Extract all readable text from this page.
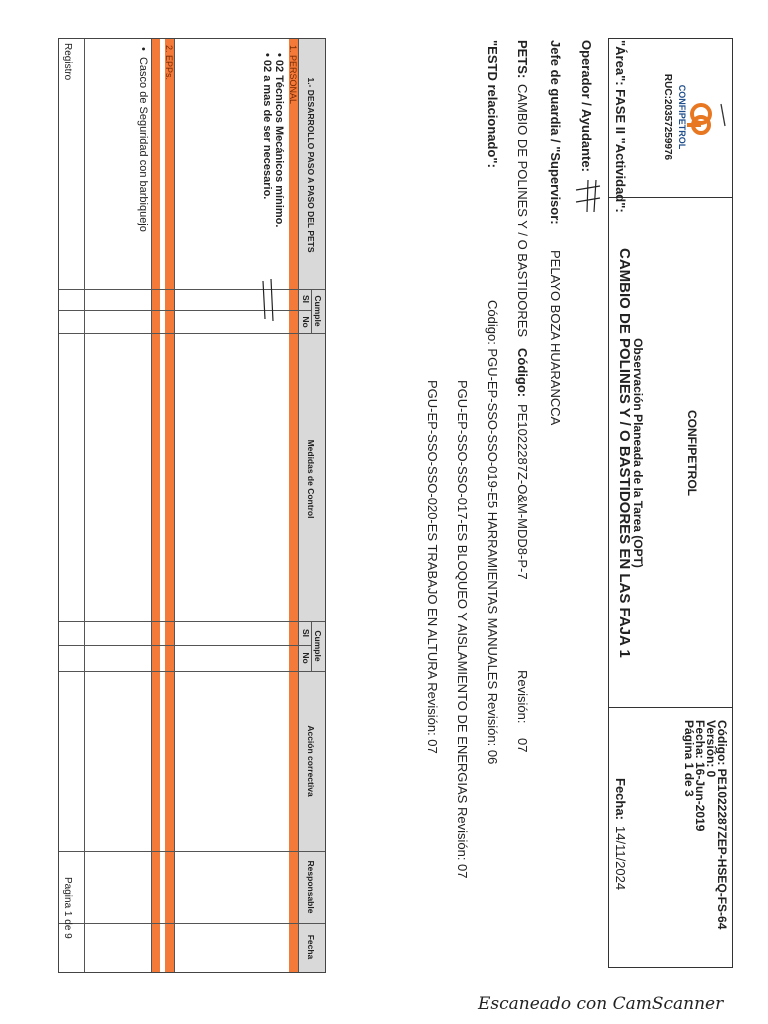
CONFIPETROL
RUC:20357259976
CONFIPETROL
Observación Planeada de la Tarea (OPT)
Código: PE1022287ZEP-HSEQ-FS-64
Versión: 0
Fecha: 16-Jun-2019
Página 1 de 3
"Área": FASE II "Actividad":
CAMBIO DE POLINES Y / O BASTIDORES EN LAS FAJA 1
Fecha:
14/11/2024
Operador / Ayudante:
Jefe de guardia / "Supervisor:
PELAYO BOZA HUARANCCA
PETS:
CAMBIO DE POLINES Y / O BASTIDORES
Código:
PE1022287Z-O&M-MDD8-P-7
Revisión:
07
"ESTD relacionado":
Código: PGU-EP-SSO-SSO-019-E5 HARRAMIENTAS MANUALES Revisión: 06
PGU-EP-SSO-SSO-017-ES BLOQUEO Y AISLAMIENTO DE ENERGIAS Revisión: 07
PGU-EP-SSO-SSO-020-ES TRABAJO EN ALTURA Revisión: 07
1.- DESARROLLO PASO A PASO DEL PETS
Cumple
SI
No
Medidas de Control
Cumple
SI
No
Acción correctiva
Responsable
Fecha
1. PERSONAL
• 02 Técnicos Mecánicos mínimo.
• 02 a mas de ser necesario.
2. EPPs.
•  Casco de Seguridad con barbiquejo
Registro
Pagina 1 de 9
Escaneado con CamScanner
